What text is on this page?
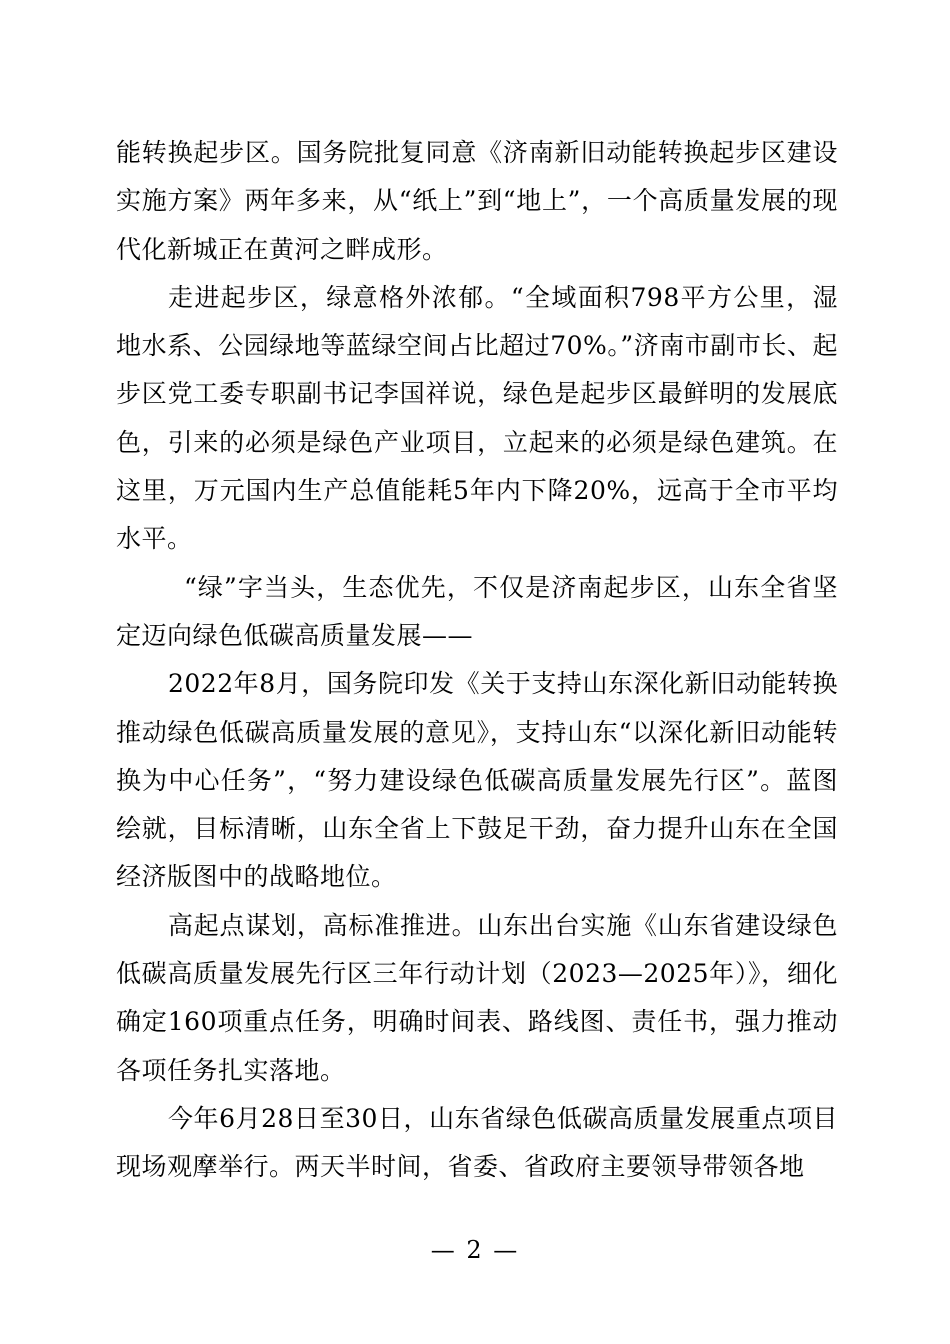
能转换起步区。国务院批复同意《济南新旧动能转换起步区建设实施方案》两年多来，从“纸上”到“地上”，一个高质量发展的现代化新城正在黄河之畔成形。

走进起步区，绿意格外浓郁。“全域面积798平方公里，湿地水系、公园绿地等蓝绿空间占比超过70%。”济南市副市长、起步区党工委专职副书记李国祥说，绿色是起步区最鲜明的发展底色，引来的必须是绿色产业项目，立起来的必须是绿色建筑。在这里，万元国内生产总值能耗5年内下降20%，远高于全市平均水平。

“绿”字当头，生态优先，不仅是济南起步区，山东全省坚定迈向绿色低碳高质量发展——

2022年8月，国务院印发《关于支持山东深化新旧动能转换推动绿色低碳高质量发展的意见》，支持山东“以深化新旧动能转换为中心任务”，“努力建设绿色低碳高质量发展先行区”。蓝图绘就，目标清晰，山东全省上下鼓足干劲，奋力提升山东在全国经济版图中的战略地位。

高起点谋划，高标准推进。山东出台实施《山东省建设绿色低碳高质量发展先行区三年行动计划（2023—2025年）》，细化确定160项重点任务，明确时间表、路线图、责任书，强力推动各项任务扎实落地。

今年6月28日至30日，山东省绿色低碳高质量发展重点项目现场观摩举行。两天半时间，省委、省政府主要领导带领各地

— 2 —
